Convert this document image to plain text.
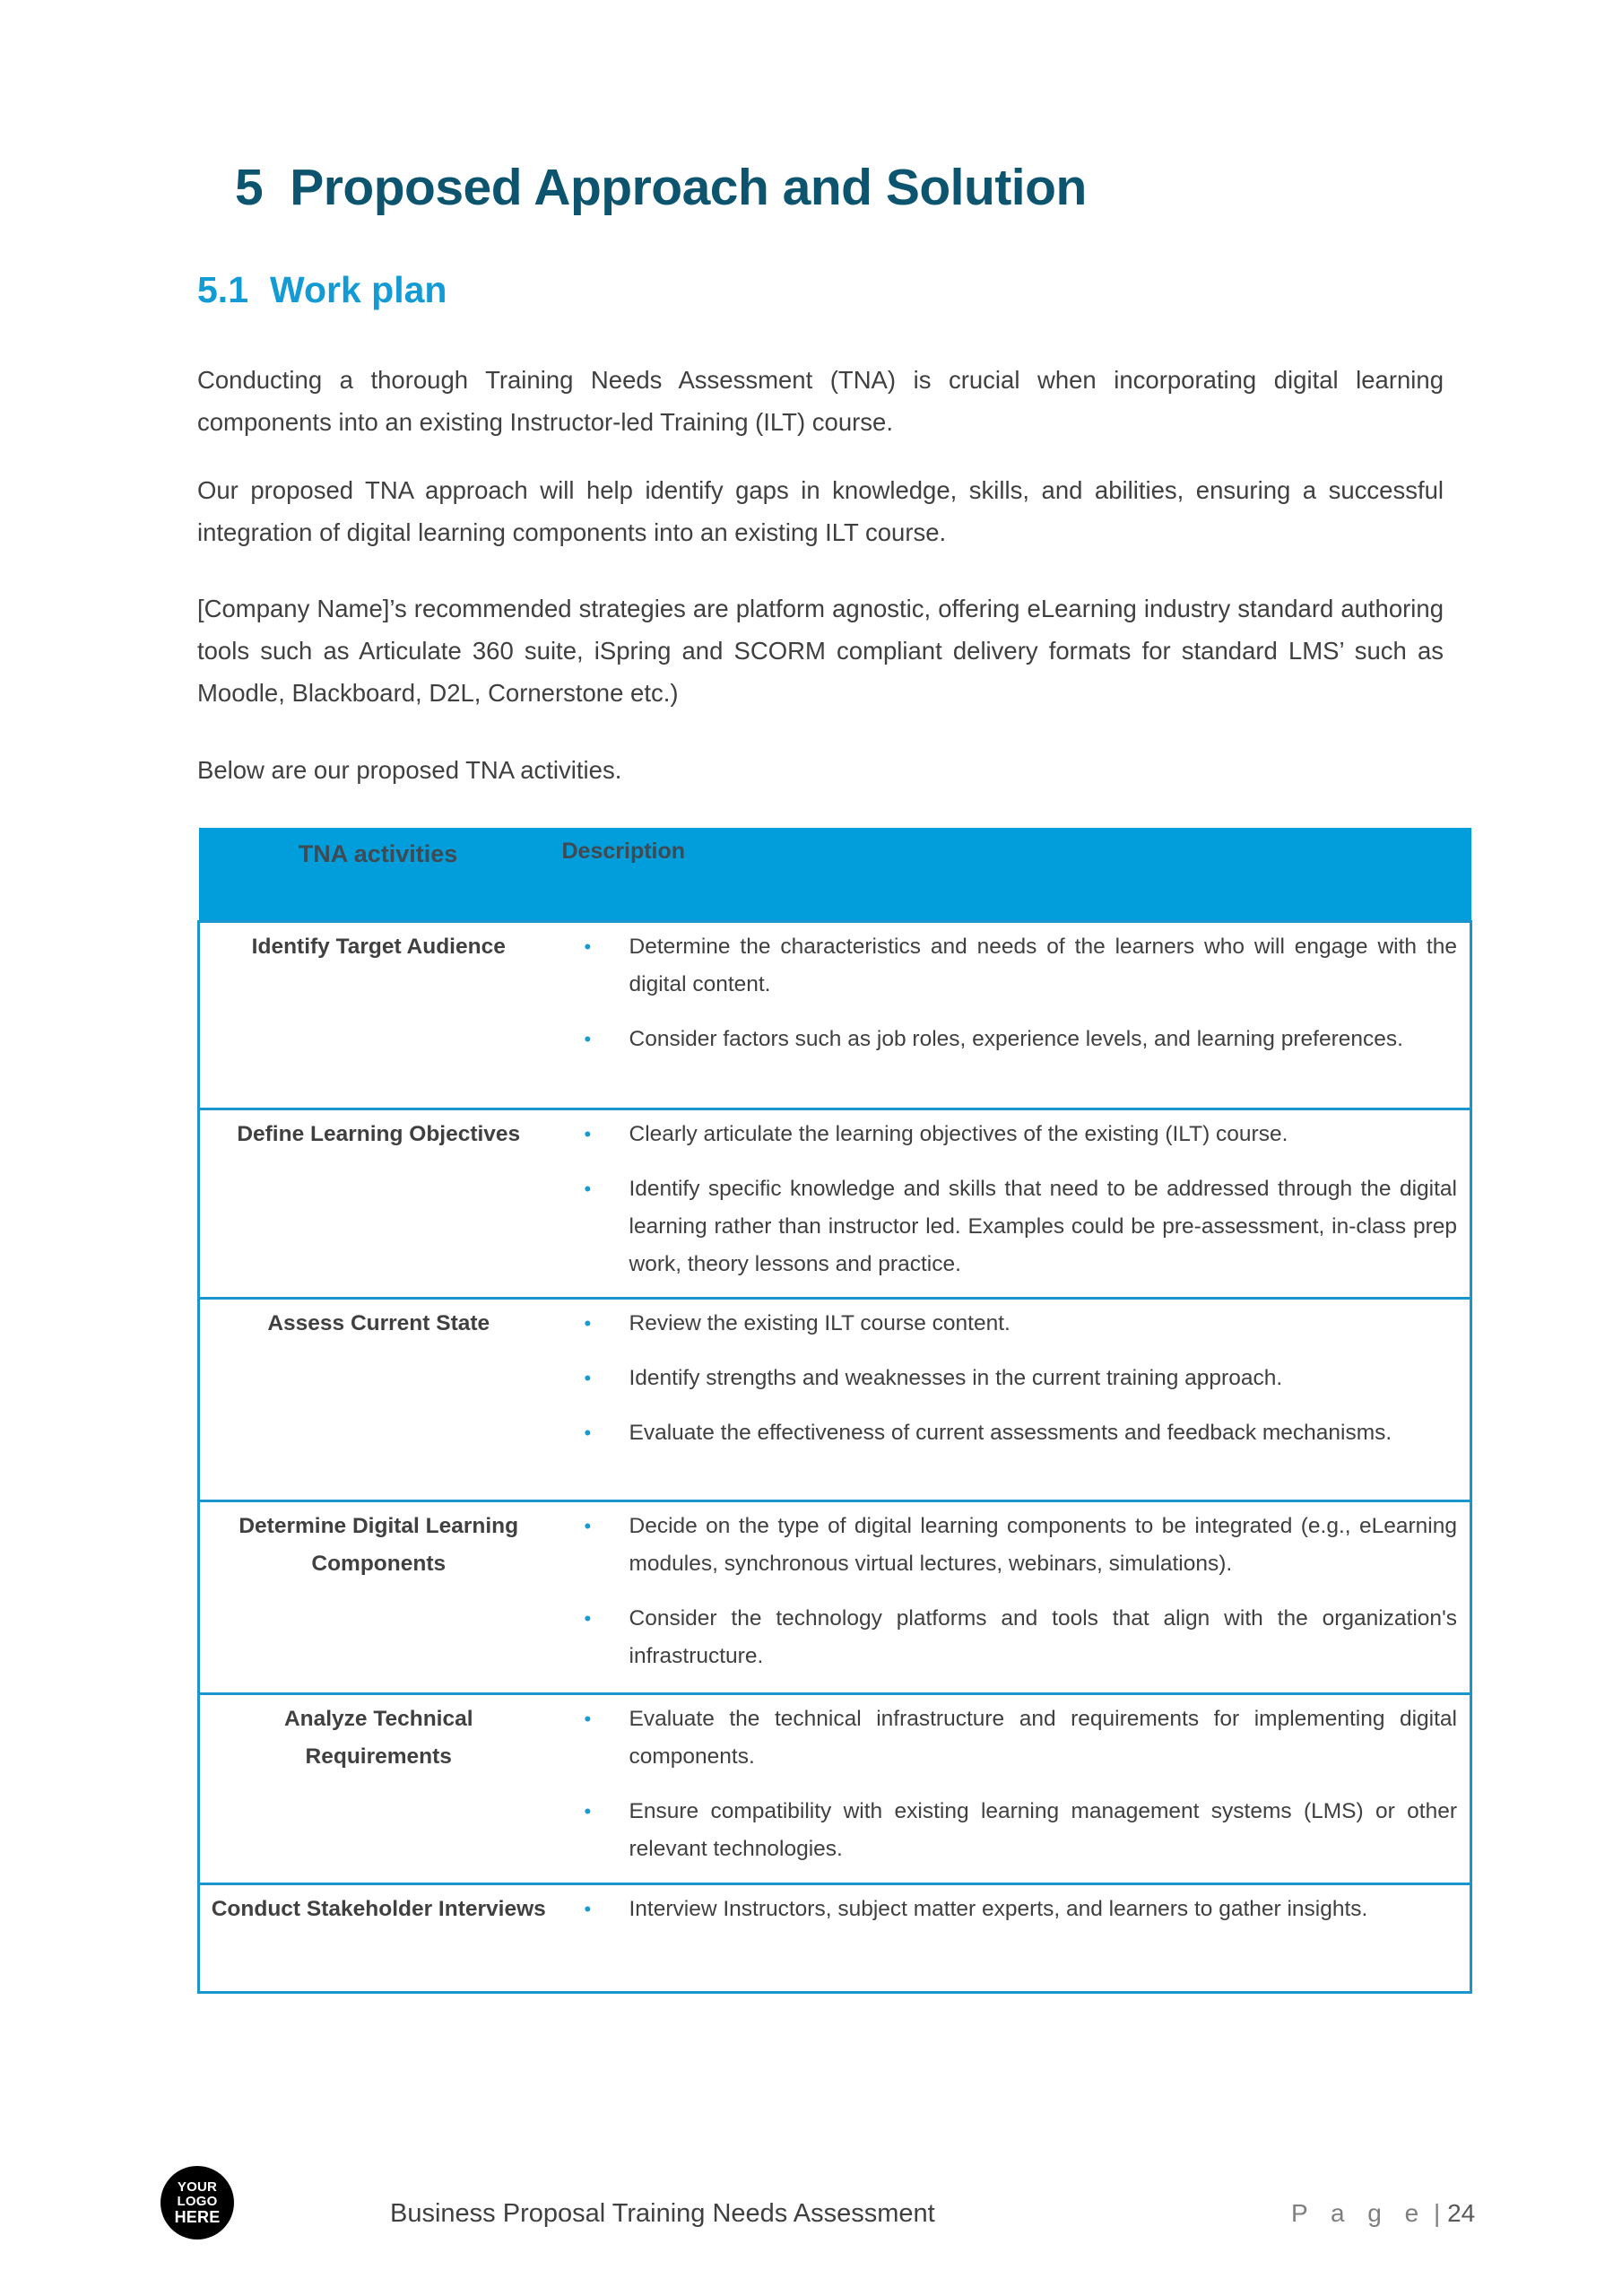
5 Proposed Approach and Solution
5.1 Work plan

Conducting a thorough Training Needs Assessment (TNA) is crucial when incorporating digital learning components into an existing Instructor-led Training (ILT) course.

Our proposed TNA approach will help identify gaps in knowledge, skills, and abilities, ensuring a successful integration of digital learning components into an existing ILT course.

[Company Name]’s recommended strategies are platform agnostic, offering eLearning industry standard authoring tools such as Articulate 360 suite, iSpring and SCORM compliant delivery formats for standard LMS’ such as Moodle, Blackboard, D2L, Cornerstone etc.)

Below are our proposed TNA activities.

TNA activities	Description

Identify Target Audience	• Determine the characteristics and needs of the learners who will engage with the digital content.
• Consider factors such as job roles, experience levels, and learning preferences.

Define Learning Objectives	• Clearly articulate the learning objectives of the existing (ILT) course.
• Identify specific knowledge and skills that need to be addressed through the digital learning rather than instructor led. Examples could be pre-assessment, in-class prep work, theory lessons and practice.

Assess Current State	•	Review the existing ILT course content.
•	Identify strengths and weaknesses in the current training approach.
•	Evaluate the effectiveness of current assessments and feedback mechanisms.

Determine Digital Learning Components	• Decide on the type of digital learning components to be integrated (e.g., eLearning modules, synchronous virtual lectures, webinars, simulations).
• Consider the technology platforms and tools that align with the organization's infrastructure.

Analyze Technical Requirements	• Evaluate the technical infrastructure and requirements for implementing digital components.
• Ensure compatibility with existing learning management systems (LMS) or other relevant technologies.

Conduct Stakeholder Interviews	• Interview Instructors, subject matter experts, and learners to gather insights.
YOUR
LOGO
HERE	Business Proposal Training Needs Assessment	P a g e | 24
